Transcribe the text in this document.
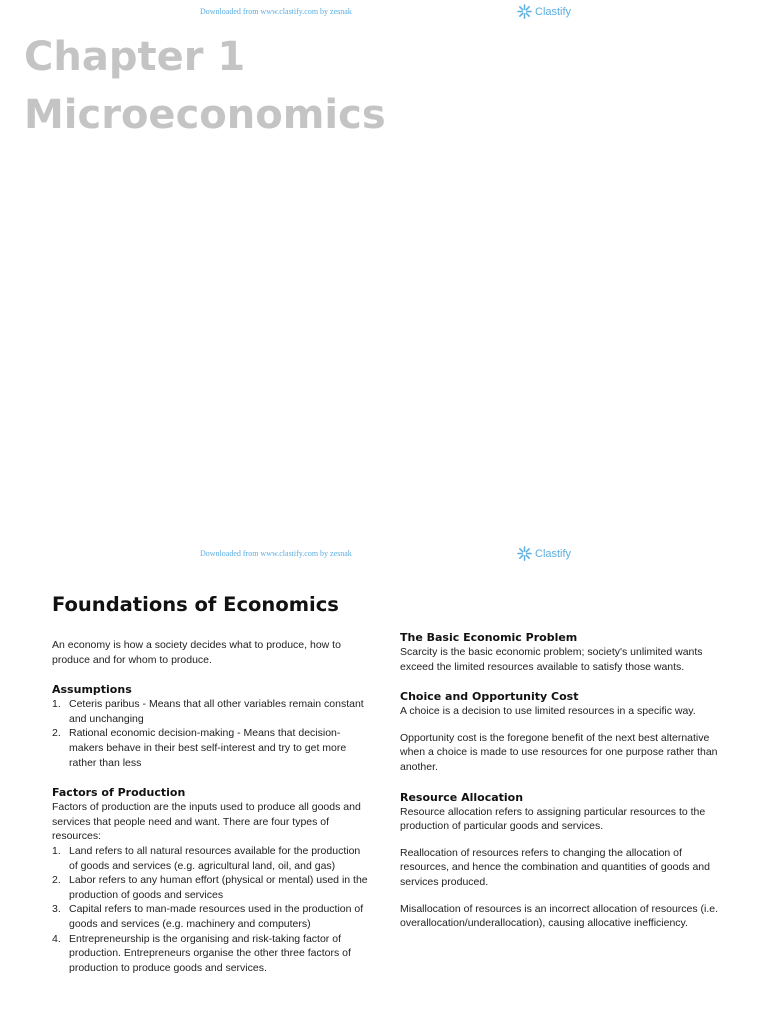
Downloaded from www.clastify.com by zesnak	Clastify
Chapter 1
Microeconomics
Downloaded from www.clastify.com by zesnak	Clastify
Foundations of Economics

An economy is how a society decides what to produce, how to produce and for whom to produce.

Assumptions
1. Ceteris paribus - Means that all other variables remain constant and unchanging
2. Rational economic decision-making - Means that decision-makers behave in their best self-interest and try to get more rather than less
Factors of Production

Factors of production are the inputs used to produce all goods and services that people need and want. There are four types of resources:

1. Land refers to all natural resources available for the production of goods and services (e.g. agricultural land, oil, and gas)
2. Labor refers to any human effort (physical or mental) used in the production of goods and services
3. Capital refers to man-made resources used in the production of goods and services (e.g. machinery and computers)
4. Entrepreneurship is the organising and risk-taking factor of production. Entrepreneurs organise the other three factors of production to produce goods and services.
The Basic Economic Problem

Scarcity is the basic economic problem; society's unlimited wants exceed the limited resources available to satisfy those wants.

Choice and Opportunity Cost

A choice is a decision to use limited resources in a specific way.

Opportunity cost is the foregone benefit of the next best alternative when a choice is made to use resources for one purpose rather than another.

Resource Allocation

Resource allocation refers to assigning particular resources to the production of particular goods and services.

Reallocation of resources refers to changing the allocation of resources, and hence the combination and quantities of goods and services produced.

Misallocation of resources is an incorrect allocation of resources (i.e. overallocation/underallocation), causing allocative inefficiency.
